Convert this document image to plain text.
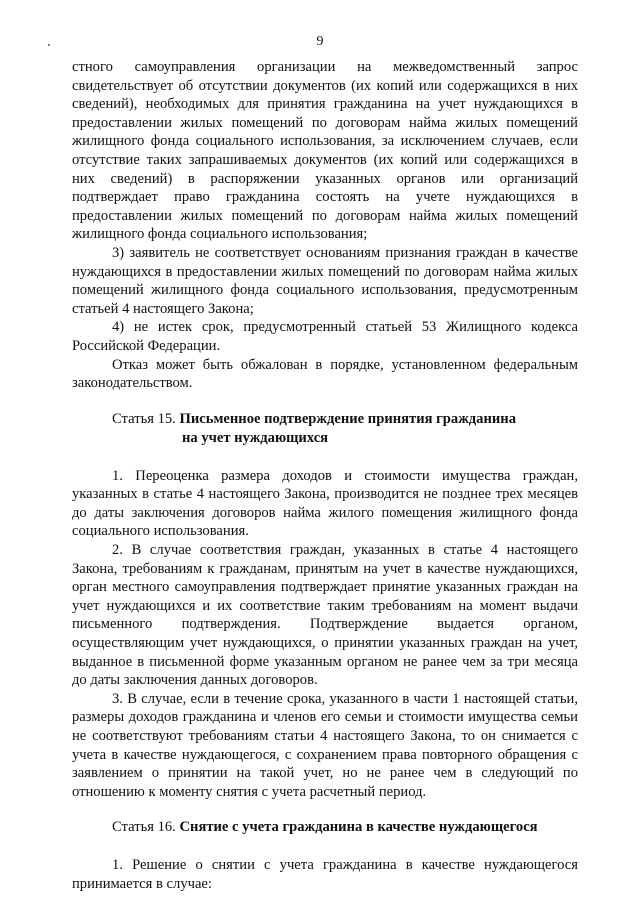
9

стного самоуправления организации на межведомственный запрос свидетельствует об отсутствии документов (их копий или содержащихся в них сведений), необходимых для принятия гражданина на учет нуждающихся в предоставлении жилых помещений по договорам найма жилых помещений жилищного фонда социального использования, за исключением случаев, если отсутствие таких запрашиваемых документов (их копий или содержащихся в них сведений) в распоряжении указанных органов или организаций подтверждает право гражданина состоять на учете нуждающихся в предоставлении жилых помещений по договорам найма жилых помещений жилищного фонда социального использования;

3) заявитель не соответствует основаниям признания граждан в качестве нуждающихся в предоставлении жилых помещений по договорам найма жилых помещений жилищного фонда социального использования, предусмотренным статьей 4 настоящего Закона;

4) не истек срок, предусмотренный статьей 53 Жилищного кодекса Российской Федерации.

Отказ может быть обжалован в порядке, установленном федеральным законодательством.

Статья 15. Письменное подтверждение принятия гражданина
на учет нуждающихся

1. Переоценка размера доходов и стоимости имущества граждан, указанных в статье 4 настоящего Закона, производится не позднее трех месяцев до даты заключения договоров найма жилого помещения жилищного фонда социального использования.

2. В случае соответствия граждан, указанных в статье 4 настоящего Закона, требованиям к гражданам, принятым на учет в качестве нуждающихся, орган местного самоуправления подтверждает принятие указанных граждан на учет нуждающихся и их соответствие таким требованиям на момент выдачи письменного подтверждения. Подтверждение выдается органом, осуществляющим учет нуждающихся, о принятии указанных граждан на учет, выданное в письменной форме указанным органом не ранее чем за три месяца до даты заключения данных договоров.

3. В случае, если в течение срока, указанного в части 1 настоящей статьи, размеры доходов гражданина и членов его семьи и стоимости имущества семьи не соответствуют требованиям статьи 4 настоящего Закона, то он снимается с учета в качестве нуждающегося, с сохранением права повторного обращения с заявлением о принятии на такой учет, но не ранее чем в следующий по отношению к моменту снятия с учета расчетный период.

Статья 16. Снятие с учета гражданина в качестве нуждающегося

1. Решение о снятии с учета гражданина в качестве нуждающегося принимается в случае:
